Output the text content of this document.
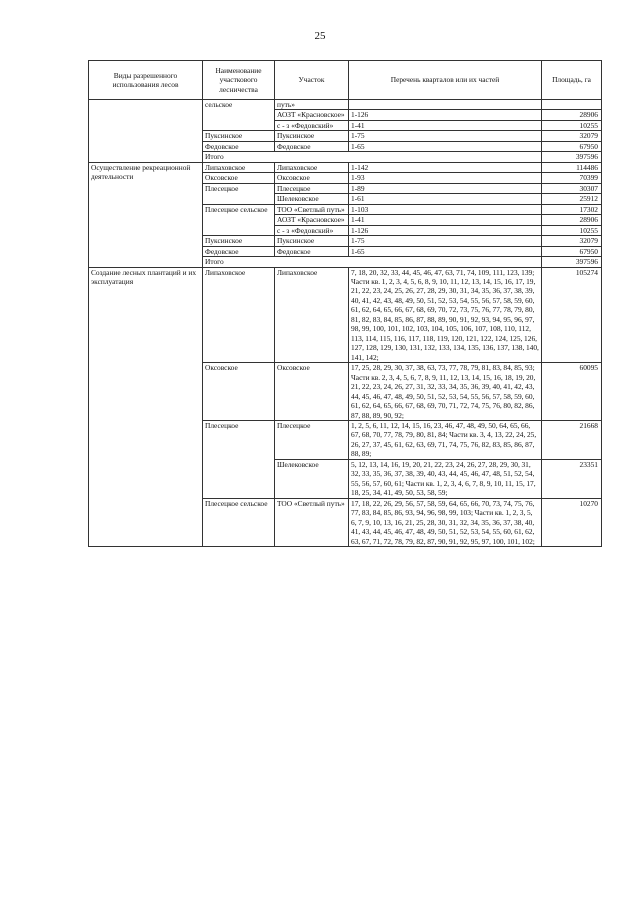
25
Виды разрешенного использования лесов	Наименование участкового лесничества	Участок	Перечень кварталов или их частей	Площадь, га
	сельское	путь»		
		АОЗТ «Красновское»	1-126	28906
		с - з «Федовский»	1-41	10255
	Пуксинское	Пуксинское	1-75	32079
	Федовское	Федовское	1-65	67950
	Итого			397596
Осуществление рекреационной деятельности	Липаховское	Липаховское	1-142	114486
	Оксовское	Оксовское	1-93	70399
	Плесецкое	Плесецкое	1-89	30307
		Шелековское	1-61	25912
	Плесецкое сельское	ТОО «Светлый путь»	1-103	17302
		АОЗТ «Красновское»	1-41	28906
		с - з «Федовский»	1-126	10255
	Пуксинское	Пуксинское	1-75	32079
	Федовское	Федовское	1-65	67950
	Итого			397596
Создание лесных плантаций и их эксплуатация	Липаховское	Липаховское	7, 18, 20, 32, 33, 44, 45, 46, 47, 63, 71, 74, 109, 111, 123, 139; Части кв. 1, 2, 3, 4, 5, 6, 8, 9, 10, 11, 12, 13, 14, 15, 16, 17, 19, 21, 22, 23, 24, 25, 26, 27, 28, 29, 30, 31, 34, 35, 36, 37, 38, 39, 40, 41, 42, 43, 48, 49, 50, 51, 52, 53, 54, 55, 56, 57, 58, 59, 60, 61, 62, 64, 65, 66, 67, 68, 69, 70, 72, 73, 75, 76, 77, 78, 79, 80, 81, 82, 83, 84, 85, 86, 87, 88, 89, 90, 91, 92, 93, 94, 95, 96, 97, 98, 99, 100, 101, 102, 103, 104, 105, 106, 107, 108, 110, 112, 113, 114, 115, 116, 117, 118, 119, 120, 121, 122, 124, 125, 126, 127, 128, 129, 130, 131, 132, 133, 134, 135, 136, 137, 138, 140, 141, 142;	105274
	Оксовское	Оксовское	17, 25, 28, 29, 30, 37, 38, 63, 73, 77, 78, 79, 81, 83, 84, 85, 93; Части кв. 2, 3, 4, 5, 6, 7, 8, 9, 11, 12, 13, 14, 15, 16, 18, 19, 20, 21, 22, 23, 24, 26, 27, 31, 32, 33, 34, 35, 36, 39, 40, 41, 42, 43, 44, 45, 46, 47, 48, 49, 50, 51, 52, 53, 54, 55, 56, 57, 58, 59, 60, 61, 62, 64, 65, 66, 67, 68, 69, 70, 71, 72, 74, 75, 76, 80, 82, 86, 87, 88, 89, 90, 92;	60095
	Плесецкое	Плесецкое	1, 2, 5, 6, 11, 12, 14, 15, 16, 23, 46, 47, 48, 49, 50, 64, 65, 66, 67, 68, 70, 77, 78, 79, 80, 81, 84; Части кв. 3, 4, 13, 22, 24, 25, 26, 27, 37, 45, 61, 62, 63, 69, 71, 74, 75, 76, 82, 83, 85, 86, 87, 88, 89;	21668
		Шелековское	5, 12, 13, 14, 16, 19, 20, 21, 22, 23, 24, 26, 27, 28, 29, 30, 31, 32, 33, 35, 36, 37, 38, 39, 40, 43, 44, 45, 46, 47, 48, 51, 52, 54, 55, 56, 57, 60, 61; Части кв. 1, 2, 3, 4, 6, 7, 8, 9, 10, 11, 15, 17, 18, 25, 34, 41, 49, 50, 53, 58, 59;	23351
	Плесецкое сельское	ТОО «Светлый путь»	17, 18, 22, 26, 29, 56, 57, 58, 59, 64, 65, 66, 70, 73, 74, 75, 76, 77, 83, 84, 85, 86, 93, 94, 96, 98, 99, 103; Части кв. 1, 2, 3, 5, 6, 7, 9, 10, 13, 16, 21, 25, 28, 30, 31, 32, 34, 35, 36, 37, 38, 40, 41, 43, 44, 45, 46, 47, 48, 49, 50, 51, 52, 53, 54, 55, 60, 61, 62, 63, 67, 71, 72, 78, 79, 82, 87, 90, 91, 92, 95, 97, 100, 101, 102;	10270
